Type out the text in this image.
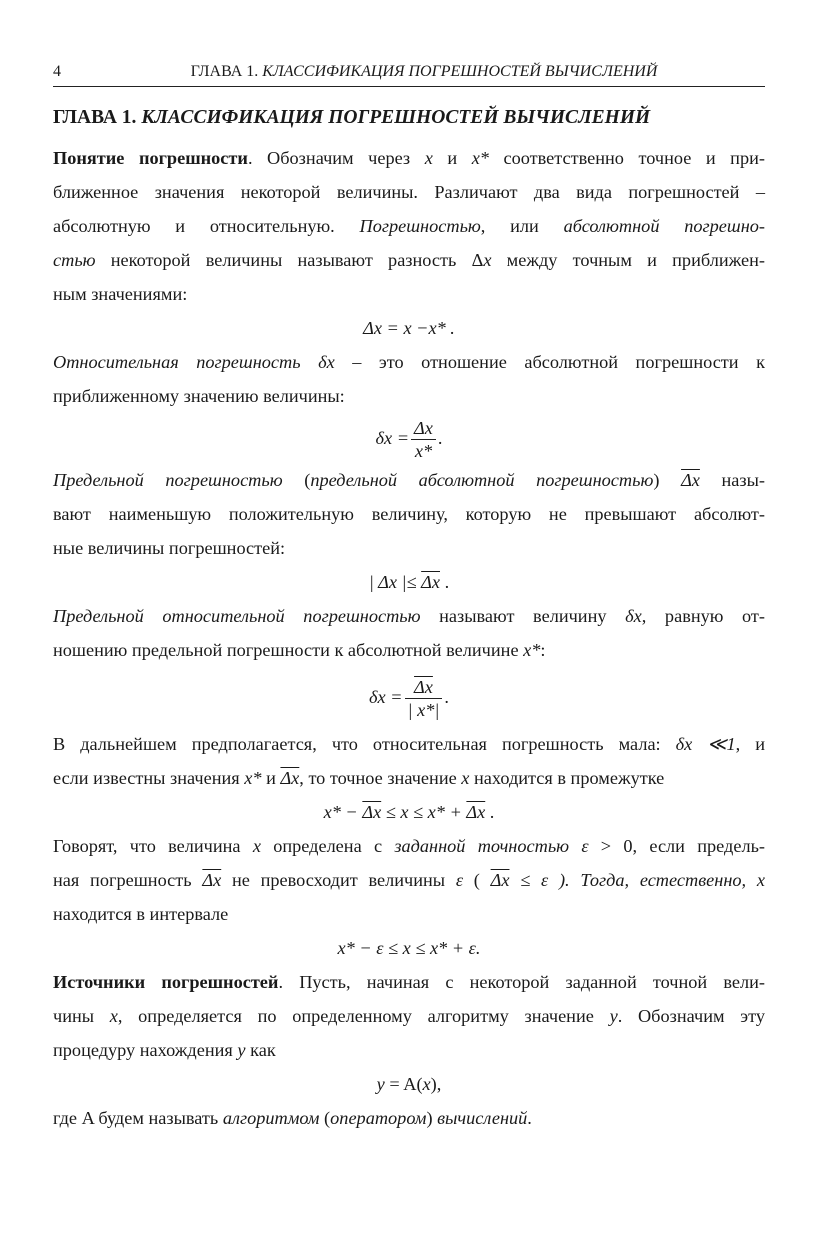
4	ГЛАВА 1. КЛАССИФИКАЦИЯ ПОГРЕШНОСТЕЙ ВЫЧИСЛЕНИЙ
ГЛАВА 1. КЛАССИФИКАЦИЯ ПОГРЕШНОСТЕЙ ВЫЧИСЛЕНИЙ

Понятие погрешности. Обозначим через x и x* соответственно точное и при-

ближенное значения некоторой величины. Различают два вида погрешностей –

абсолютную и относительную. Погрешностью, или абсолютной погрешно-

стью некоторой величины называют разность Δx между точным и приближен-

ным значениями:

Δx = x −x* .

Относительная погрешность δx – это отношение абсолютной погрешности к

приближенному значению величины:

$\delta x = \frac{\Delta x}{x*}$ .

Предельной погрешностью (предельной абсолютной погрешностью) $\overline{\Delta x}$ назы-

вают наименьшую положительную величину, которую не превышают абсолют-

ные величины погрешностей:

| Δx |≤ $\overline{\Delta x}$ .

Предельной относительной погрешностью называют величину δx, равную от-

ношению предельной погрешности к абсолютной величине x*:

$\delta x = \frac{\overline{\Delta x}}{| x*|}$ .

В дальнейшем предполагается, что относительная погрешность мала: δx ≪1, и

если известны значения x* и $\overline{\Delta x}$, то точное значение x находится в промежутке

$x* - \overline{\Delta x} \le x \le x* + \overline{\Delta x}$ .

Говорят, что величина x определена с заданной точностью ε > 0, если предель-

ная погрешность $\overline{\Delta x}$ не превосходит величины ε ( $\overline{\Delta x} \le \varepsilon$ ). Тогда, естественно, x

находится в интервале

x* − ε ≤ x ≤ x* + ε.

Источники погрешностей. Пусть, начиная с некоторой заданной точной вели-

чины x, определяется по определенному алгоритму значение y. Обозначим эту

процедуру нахождения y как

y = A(x),

где A будем называть алгоритмом (оператором) вычислений.
